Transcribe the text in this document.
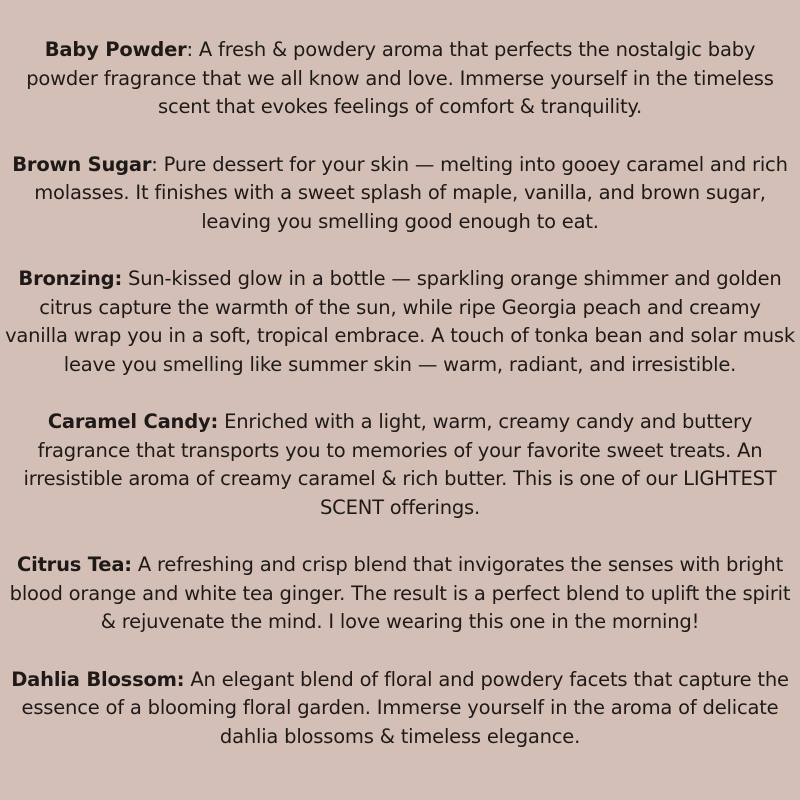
Baby Powder: A fresh & powdery aroma that perfects the nostalgic baby powder fragrance that we all know and love. Immerse yourself in the timeless scent that evokes feelings of comfort & tranquility.

Brown Sugar: Pure dessert for your skin — melting into gooey caramel and rich molasses. It finishes with a sweet splash of maple, vanilla, and brown sugar, leaving you smelling good enough to eat.

Bronzing: Sun-kissed glow in a bottle — sparkling orange shimmer and golden citrus capture the warmth of the sun, while ripe Georgia peach and creamy vanilla wrap you in a soft, tropical embrace. A touch of tonka bean and solar musk leave you smelling like summer skin — warm, radiant, and irresistible.

Caramel Candy: Enriched with a light, warm, creamy candy and buttery fragrance that transports you to memories of your favorite sweet treats. An irresistible aroma of creamy caramel & rich butter. This is one of our LIGHTEST SCENT offerings.

Citrus Tea: A refreshing and crisp blend that invigorates the senses with bright blood orange and white tea ginger. The result is a perfect blend to uplift the spirit & rejuvenate the mind. I love wearing this one in the morning!

Dahlia Blossom: An elegant blend of floral and powdery facets that capture the essence of a blooming floral garden. Immerse yourself in the aroma of delicate dahlia blossoms & timeless elegance.
